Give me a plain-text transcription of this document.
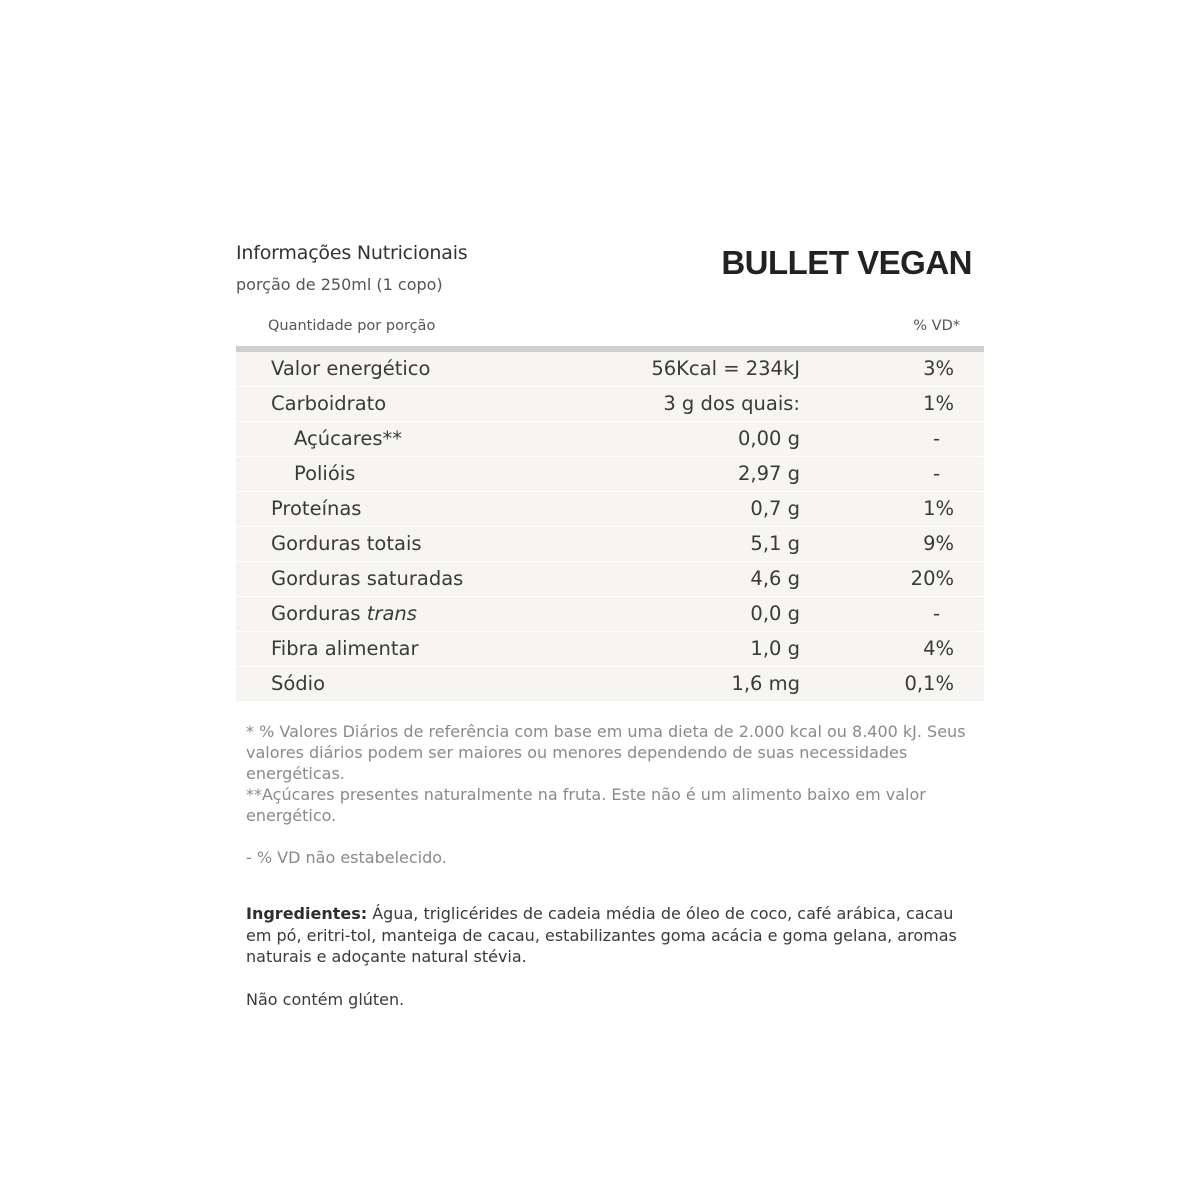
Informações Nutricionais
porção de 250ml (1 copo)
BULLET VEGAN
Quantidade por porção	% VD*
Valor energético	56Kcal = 234kJ	3%
Carboidrato	3 g dos quais:	1%
Açúcares**	0,00 g	-
Polióis	2,97 g	-
Proteínas	0,7 g	1%
Gorduras totais	5,1 g	9%
Gorduras saturadas	4,6 g	20%
Gorduras trans	0,0 g	-
Fibra alimentar	1,0 g	4%
Sódio	1,6 mg	0,1%

* % Valores Diários de referência com base em uma dieta de 2.000 kcal ou 8.400 kJ. Seus valores diários podem ser maiores ou menores dependendo de suas necessidades energéticas.

**Açúcares presentes naturalmente na fruta. Este não é um alimento baixo em valor energético.

- % VD não estabelecido.

Ingredientes: Água, triglicérides de cadeia média de óleo de coco, café arábica, cacau em pó, eritri-tol, manteiga de cacau, estabilizantes goma acácia e goma gelana, aromas naturais e adoçante natural stévia.

Não contém glúten.
